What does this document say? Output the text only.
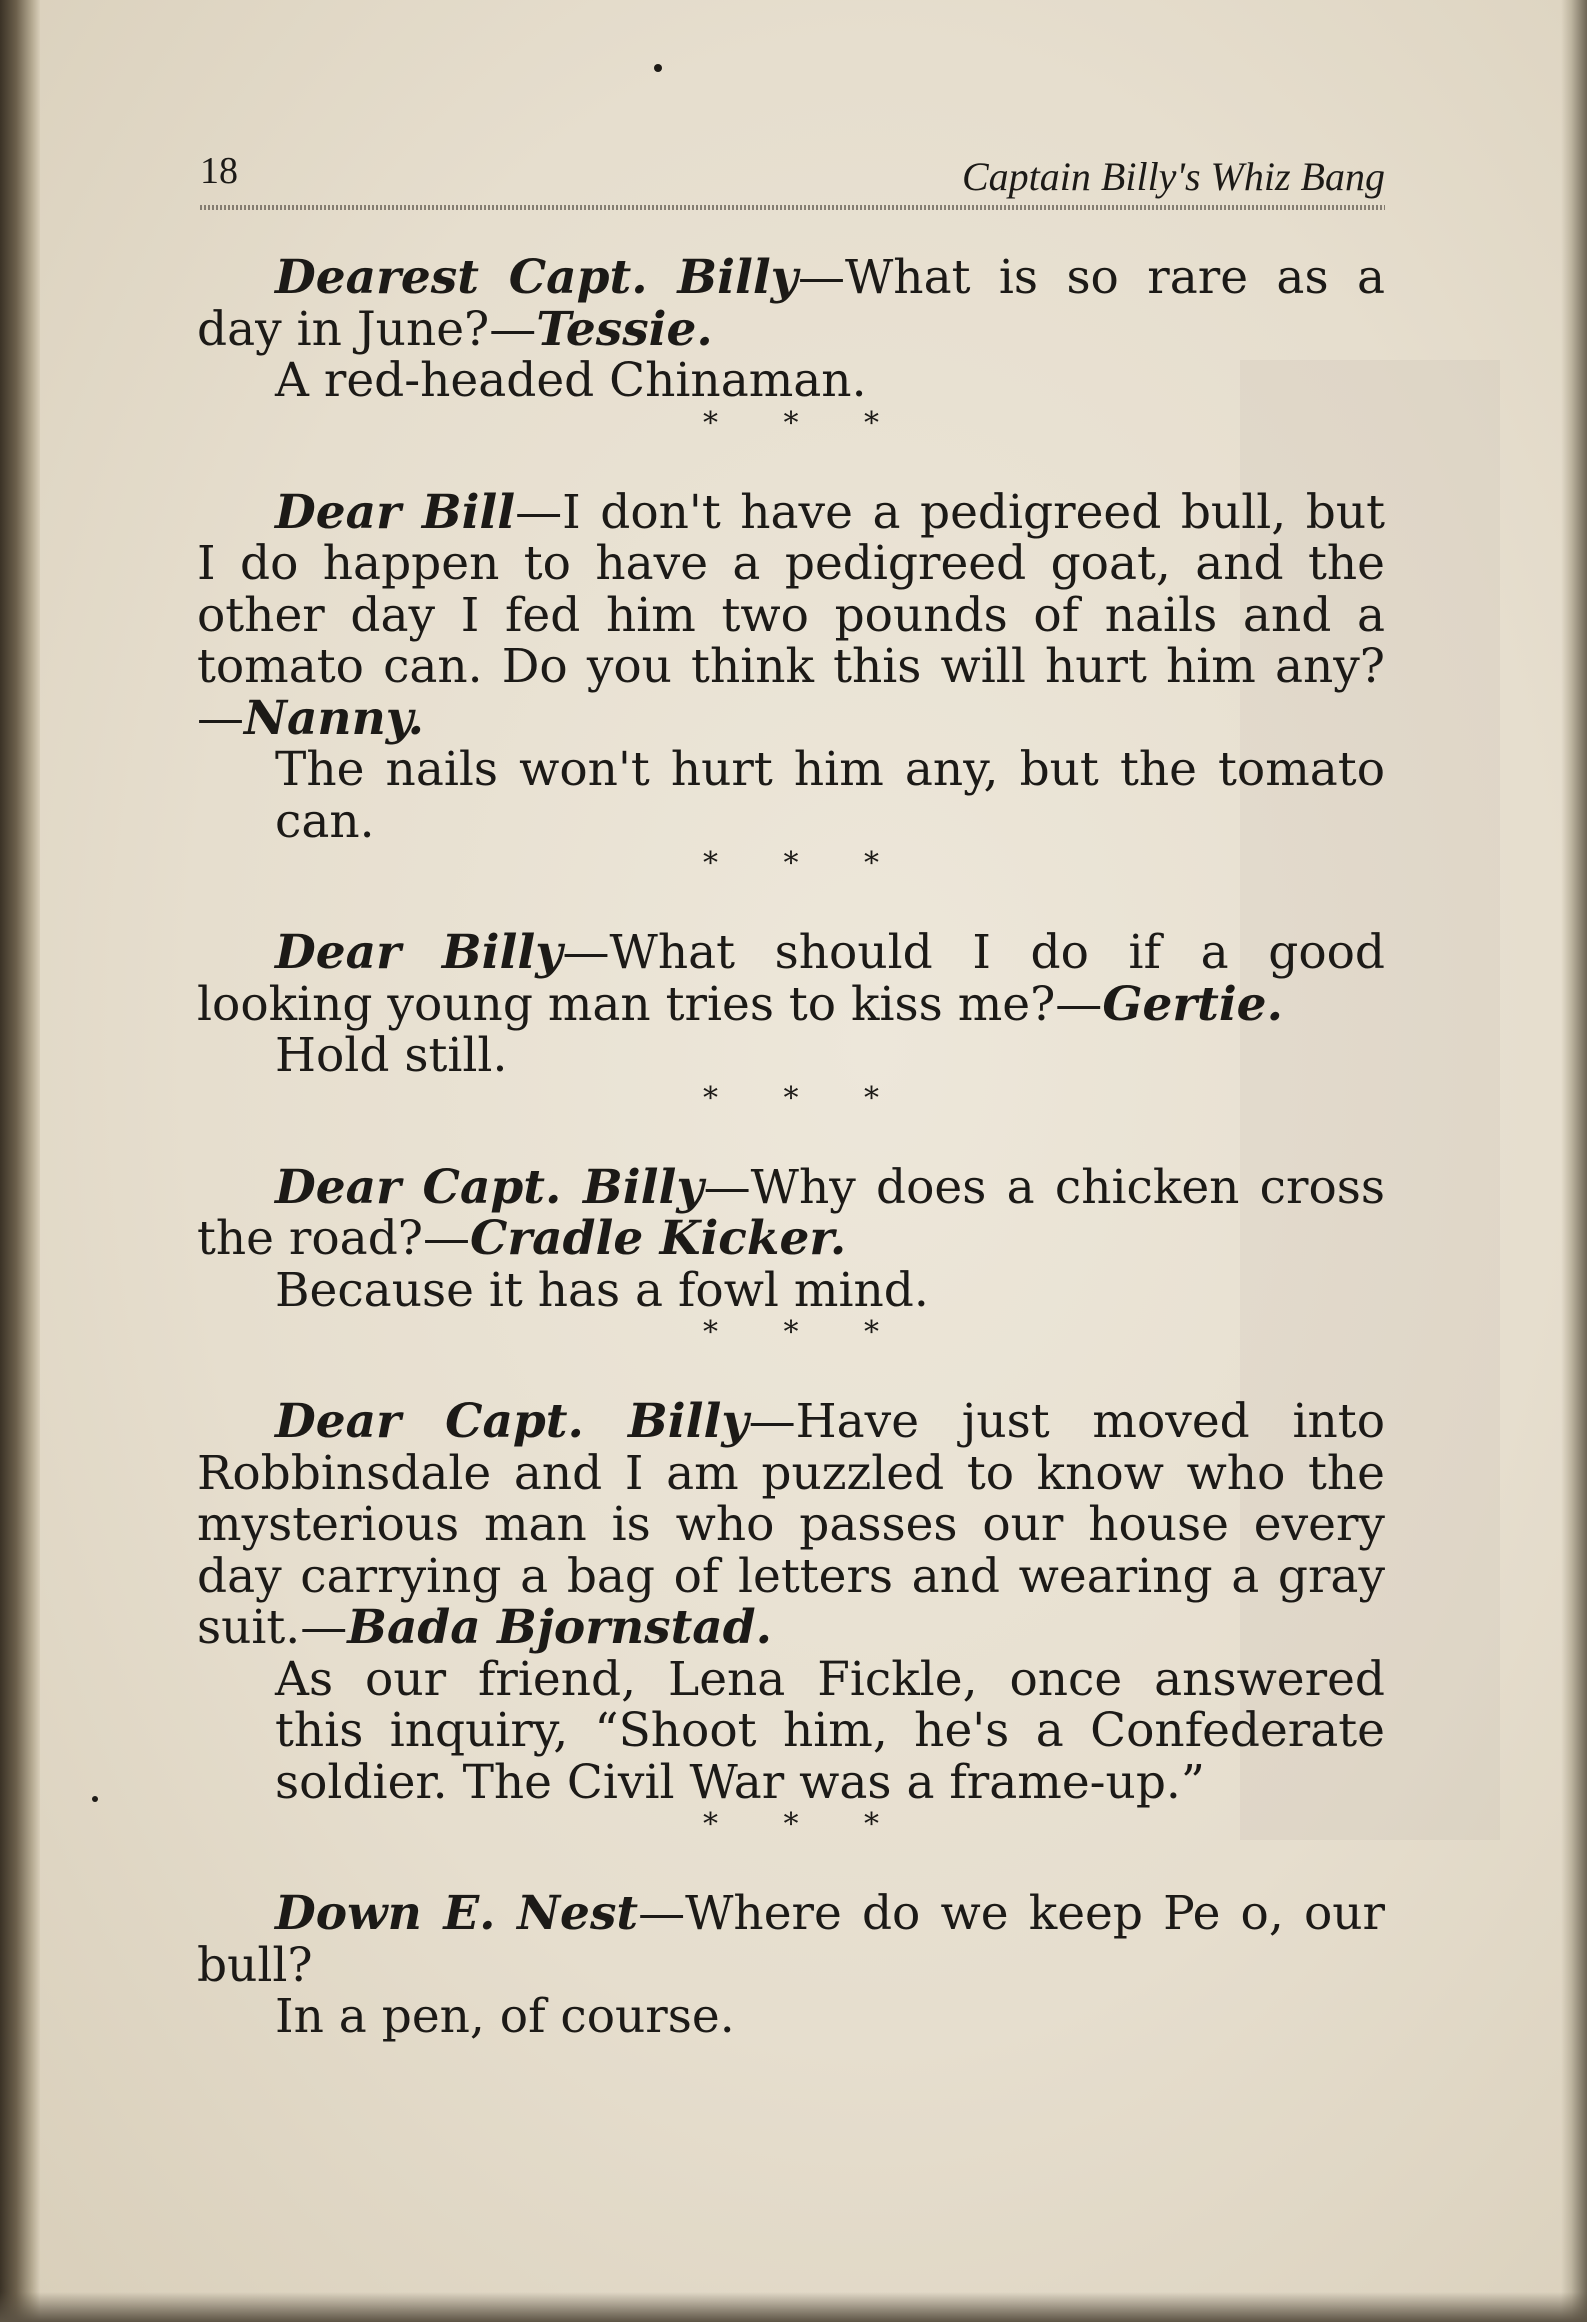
18	Captain Billy's Whiz Bang

Dearest Capt. Billy—What is so rare as a day in June?—Tessie.

A red-headed Chinaman.

* * *

Dear Bill—I don't have a pedigreed bull, but I do happen to have a pedigreed goat, and the other day I fed him two pounds of nails and a tomato can. Do you think this will hurt him any?—Nanny.

The nails won't hurt him any, but the tomato can.

* * *

Dear Billy—What should I do if a good looking young man tries to kiss me?—Gertie.

Hold still.

* * *

Dear Capt. Billy—Why does a chicken cross the road?—Cradle Kicker.

Because it has a fowl mind.

* * *

Dear Capt. Billy—Have just moved into Robbinsdale and I am puzzled to know who the mysterious man is who passes our house every day carrying a bag of letters and wearing a gray suit.—Bada Bjornstad.

As our friend, Lena Fickle, once answered this inquiry, “Shoot him, he's a Confederate soldier. The Civil War was a frame-up.”

* * *

Down E. Nest—Where do we keep Pe o, our bull?

In a pen, of course.
